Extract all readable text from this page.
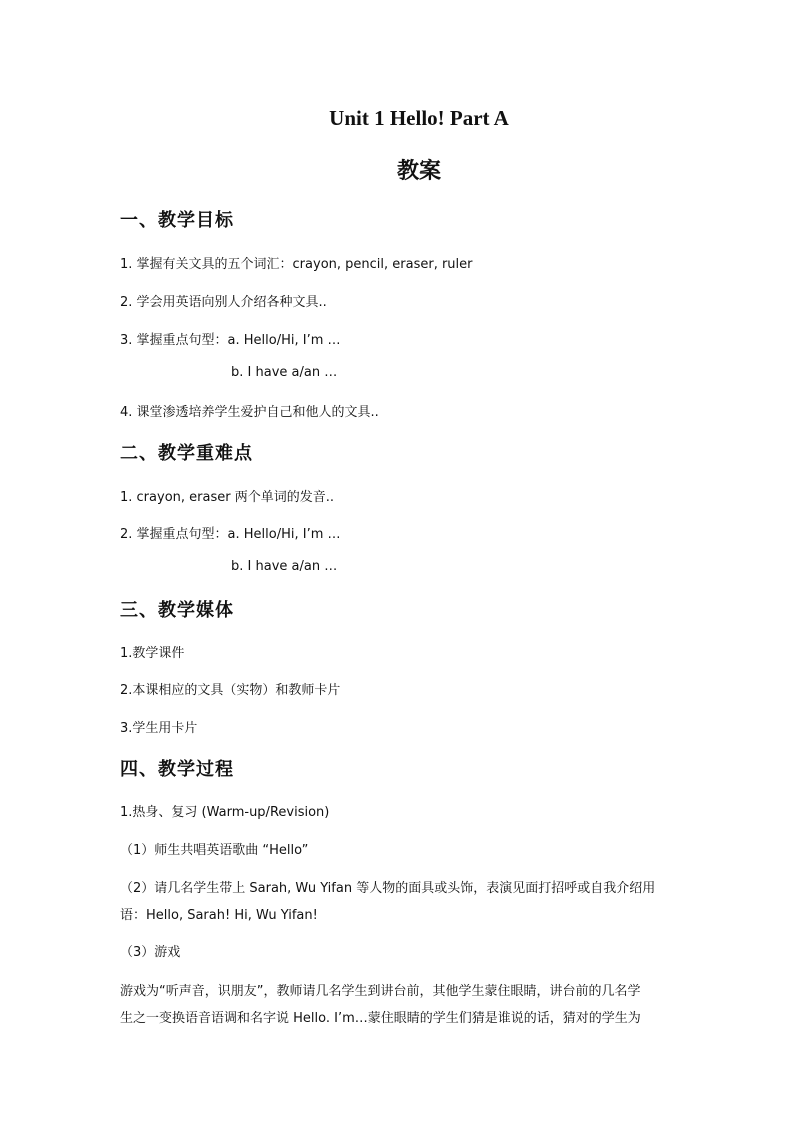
Unit 1 Hello! Part A
教案
一、教学目标
1. 掌握有关文具的五个词汇：crayon, pencil, eraser, ruler
2. 学会用英语向别人介绍各种文具..
3. 掌握重点句型：a. Hello/Hi, I’m …
b. I have a/an …
4. 课堂渗透培养学生爱护自己和他人的文具..
二、教学重难点
1. crayon, eraser 两个单词的发音..
2. 掌握重点句型：a. Hello/Hi, I’m …
b. I have a/an …
三、教学媒体
1.教学课件
2.本课相应的文具（实物）和教师卡片
3.学生用卡片
四、教学过程
1.热身、复习 (Warm-up/Revision)
（1）师生共唱英语歌曲 “Hello”
（2）请几名学生带上 Sarah, Wu Yifan 等人物的面具或头饰，表演见面打招呼或自我介绍用
语：Hello, Sarah! Hi, Wu Yifan!
（3）游戏
游戏为“听声音，识朋友”，教师请几名学生到讲台前，其他学生蒙住眼睛，讲台前的几名学
生之一变换语音语调和名字说 Hello. I’m…蒙住眼睛的学生们猜是谁说的话，猜对的学生为
